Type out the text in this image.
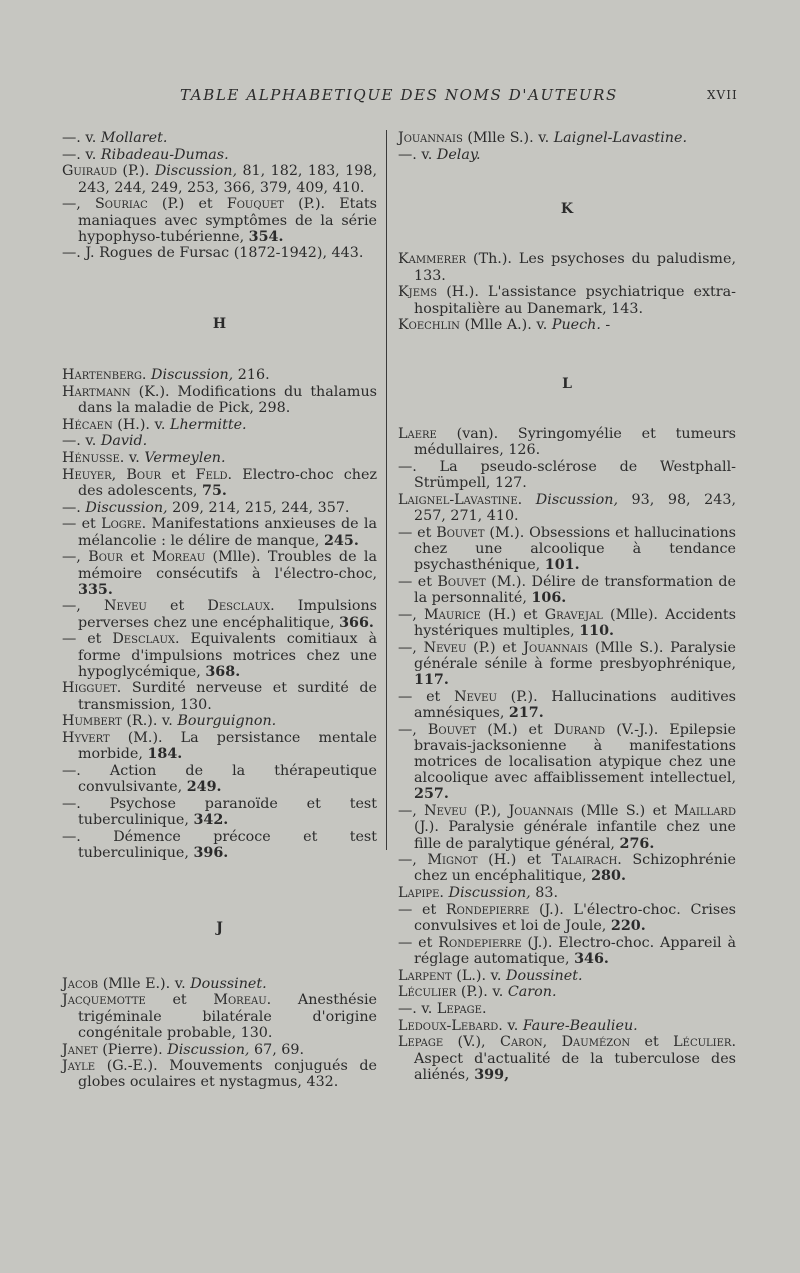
TABLE ALPHABETIQUE DES NOMS D'AUTEURS	XVII

—. v. Mollaret.

—. v. Ribadeau-Dumas.

Guiraud (P.). Discussion, 81, 182, 183, 198, 243, 244, 249, 253, 366, 379, 409, 410.

—, Souriac (P.) et Fouquet (P.). Etats maniaques avec symptômes de la série hypophyso-tubérienne, 354.

—. J. Rogues de Fursac (1872-1942), 443.

H

Hartenberg. Discussion, 216.

Hartmann (K.). Modifications du thalamus dans la maladie de Pick, 298.

Hécaen (H.). v. Lhermitte.

—. v. David.

Hénusse. v. Vermeylen.

Heuyer, Bour et Feld. Electro-choc chez des adolescents, 75.

—. Discussion, 209, 214, 215, 244, 357.

— et Logre. Manifestations anxieuses de la mélancolie : le délire de manque, 245.

—, Bour et Moreau (Mlle). Troubles de la mémoire consécutifs à l'électro-choc, 335.

—, Neveu et Desclaux. Impulsions perverses chez une encéphalitique, 366.

— et Desclaux. Equivalents comitiaux à forme d'impulsions motrices chez une hypoglycémique, 368.

Higguet. Surdité nerveuse et surdité de transmission, 130.

Humbert (R.). v. Bourguignon.

Hyvert (M.). La persistance mentale morbide, 184.

—. Action de la thérapeutique convulsivante, 249.

—. Psychose paranoïde et test tuberculinique, 342.

—. Démence précoce et test tuberculinique, 396.

J

Jacob (Mlle E.). v. Doussinet.

Jacquemotte et Moreau. Anesthésie trigéminale bilatérale d'origine congénitale probable, 130.

Janet (Pierre). Discussion, 67, 69.

Jayle (G.-E.). Mouvements conjugués de globes oculaires et nystagmus, 432.

Jouannais (Mlle S.). v. Laignel-Lavastine.

—. v. Delay.

K

Kammerer (Th.). Les psychoses du paludisme, 133.

Kjems (H.). L'assistance psychiatrique extra-hospitalière au Danemark, 143.

Koechlin (Mlle A.). v. Puech. -

L

Laere (van). Syringomyélie et tumeurs médullaires, 126.

—. La pseudo-sclérose de Westphall-Strümpell, 127.

Laignel-Lavastine. Discussion, 93, 98, 243, 257, 271, 410.

— et Bouvet (M.). Obsessions et hallucinations chez une alcoolique à tendance psychasthénique, 101.

— et Bouvet (M.). Délire de transformation de la personnalité, 106.

—, Maurice (H.) et Gravejal (Mlle). Accidents hystériques multiples, 110.

—, Neveu (P.) et Jouannais (Mlle S.). Paralysie générale sénile à forme presbyophrénique, 117.

— et Neveu (P.). Hallucinations auditives amnésiques, 217.

—, Bouvet (M.) et Durand (V.-J.). Epilepsie bravais-jacksonienne à manifestations motrices de localisation atypique chez une alcoolique avec affaiblissement intellectuel, 257.

—, Neveu (P.), Jouannais (Mlle S.) et Maillard (J.). Paralysie générale infantile chez une fille de paralytique général, 276.

—, Mignot (H.) et Talairach. Schizophrénie chez un encéphalitique, 280.

Lapipe. Discussion, 83.

— et Rondepierre (J.). L'électro-choc. Crises convulsives et loi de Joule, 220.

— et Rondepierre (J.). Electro-choc. Appareil à réglage automatique, 346.

Larpent (L.). v. Doussinet.

Léculier (P.). v. Caron.

—. v. Lepage.

Ledoux-Lebard. v. Faure-Beaulieu.

Lepage (V.), Caron, Daumézon et Léculier. Aspect d'actualité de la tuberculose des aliénés, 399,
